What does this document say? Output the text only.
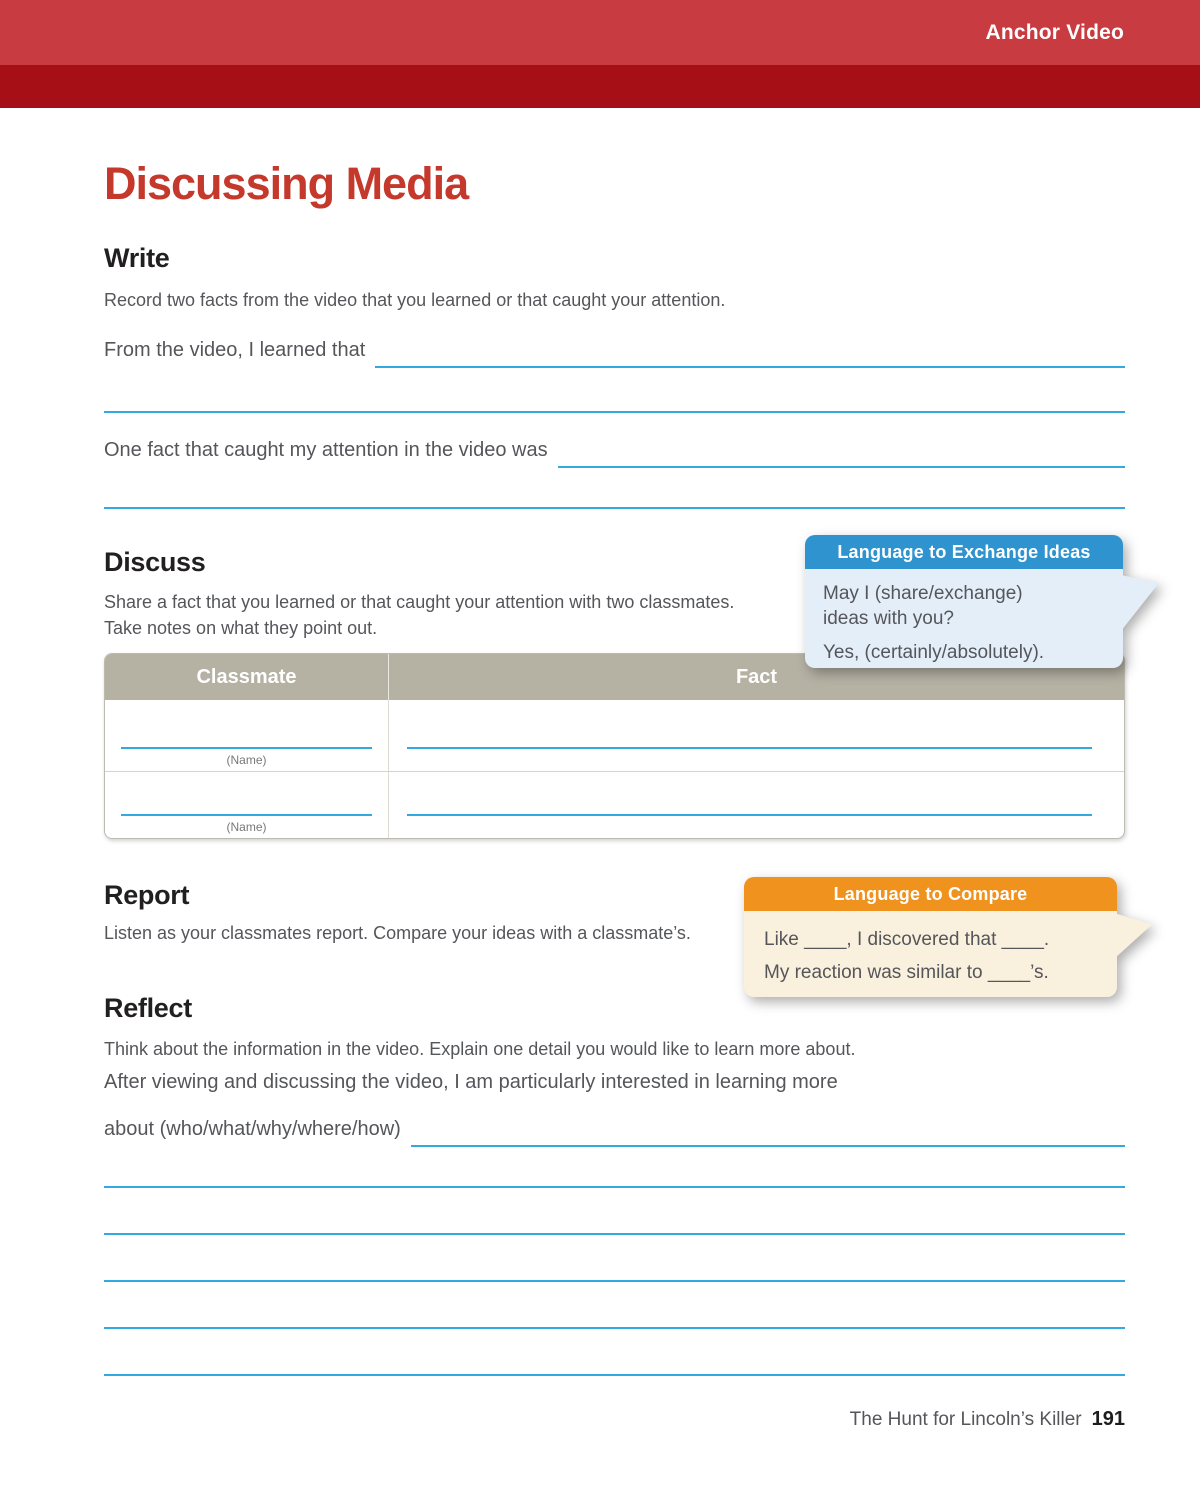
Anchor Video
Discussing Media
Write
Record two facts from the video that you learned or that caught your attention.
From the video, I learned that
One fact that caught my attention in the video was
Discuss
Share a fact that you learned or that caught your attention with two classmates.
Take notes on what they point out.
Language to Exchange Ideas
May I (share/exchange)
ideas with you?
Yes, (certainly/absolutely).
Classmate	Fact
(Name)
(Name)
Report
Listen as your classmates report. Compare your ideas with a classmate’s.
Language to Compare
Like ____, I discovered that ____.
My reaction was similar to ____’s.
Reflect
Think about the information in the video. Explain one detail you would like to learn more about.
After viewing and discussing the video, I am particularly interested in learning more
about (who/what/why/where/how)
The Hunt for Lincoln’s Killer 191
